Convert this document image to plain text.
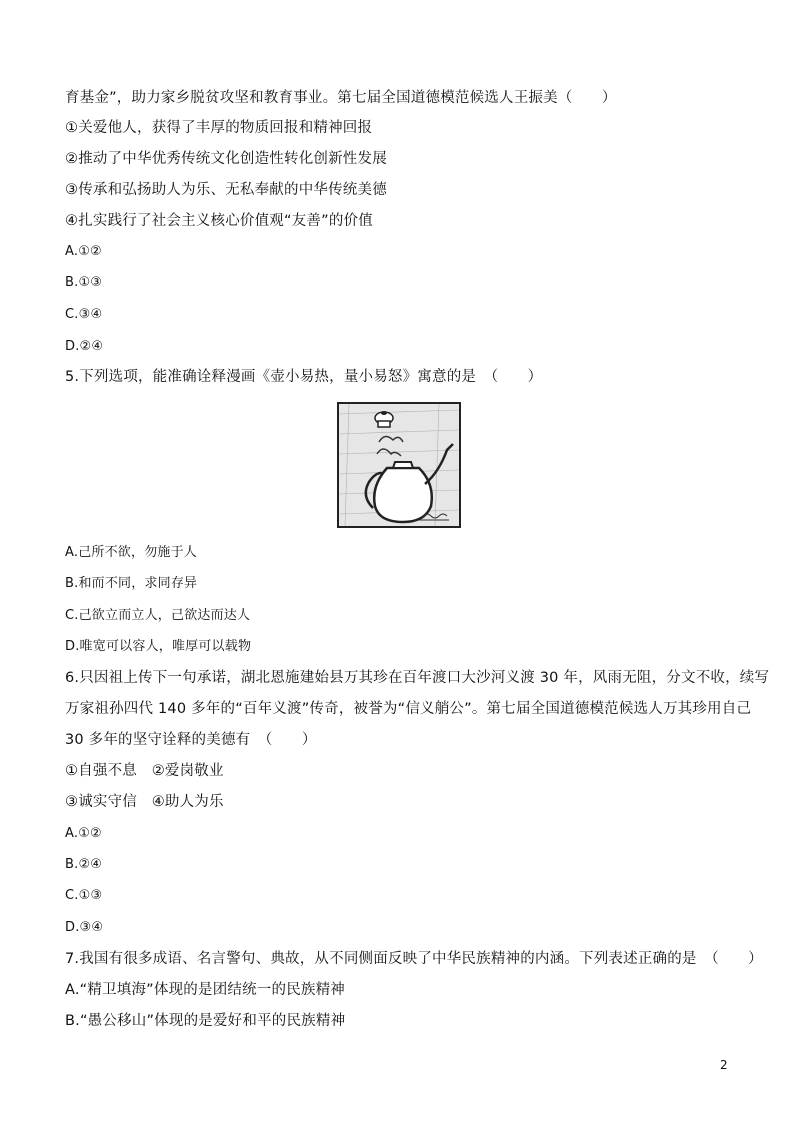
育基金”，助力家乡脱贫攻坚和教育事业。第七届全国道德模范候选人王振美（　　）
①关爱他人，获得了丰厚的物质回报和精神回报
②推动了中华优秀传统文化创造性转化创新性发展
③传承和弘扬助人为乐、无私奉献的中华传统美德
④扎实践行了社会主义核心价值观“友善”的价值
A.①②
B.①③
C.③④
D.②④
5.下列选项，能准确诠释漫画《壶小易热，量小易怒》寓意的是　（　　）
A.己所不欲，勿施于人
B.和而不同，求同存异
C.己欲立而立人，己欲达而达人
D.唯宽可以容人，唯厚可以载物
6.只因祖上传下一句承诺，湖北恩施建始县万其珍在百年渡口大沙河义渡 30 年，风雨无阻，分文不收，续写
万家祖孙四代 140 多年的“百年义渡”传奇，被誉为“信义艄公”。第七届全国道德模范候选人万其珍用自己
30 多年的坚守诠释的美德有　（　　）
①自强不息　②爱岗敬业
③诚实守信　④助人为乐
A.①②
B.②④
C.①③
D.③④
7.我国有很多成语、名言警句、典故，从不同侧面反映了中华民族精神的内涵。下列表述正确的是　（　　）
A.“精卫填海”体现的是团结统一的民族精神
B.“愚公移山”体现的是爱好和平的民族精神
2
